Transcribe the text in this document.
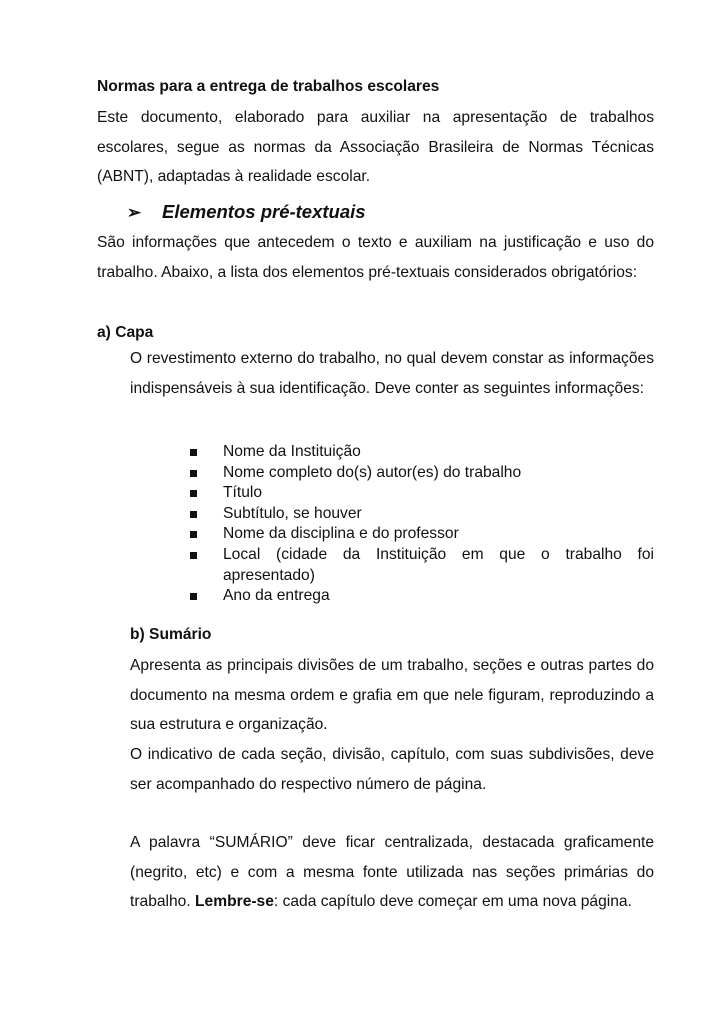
Normas para a entrega de trabalhos escolares

Este documento, elaborado para auxiliar na apresentação de trabalhos escolares, segue as normas da Associação Brasileira de Normas Técnicas (ABNT), adaptadas à realidade escolar.

➢ Elementos pré-textuais

São informações que antecedem o texto e auxiliam na justificação e uso do trabalho. Abaixo, a lista dos elementos pré-textuais considerados obrigatórios:

a) Capa

O revestimento externo do trabalho, no qual devem constar as informações indispensáveis à sua identificação. Deve conter as seguintes informações:

Nome da Instituição
Nome completo do(s) autor(es) do trabalho
Título
Subtítulo, se houver
Nome da disciplina e do professor
Local (cidade da Instituição em que o trabalho foi apresentado)
Ano da entrega
b) Sumário

Apresenta as principais divisões de um trabalho, seções e outras partes do documento na mesma ordem e grafia em que nele figuram, reproduzindo a sua estrutura e organização.

O indicativo de cada seção, divisão, capítulo, com suas subdivisões, deve ser acompanhado do respectivo número de página.

A palavra “SUMÁRIO” deve ficar centralizada, destacada graficamente (negrito, etc) e com a mesma fonte utilizada nas seções primárias do trabalho. Lembre-se: cada capítulo deve começar em uma nova página.
